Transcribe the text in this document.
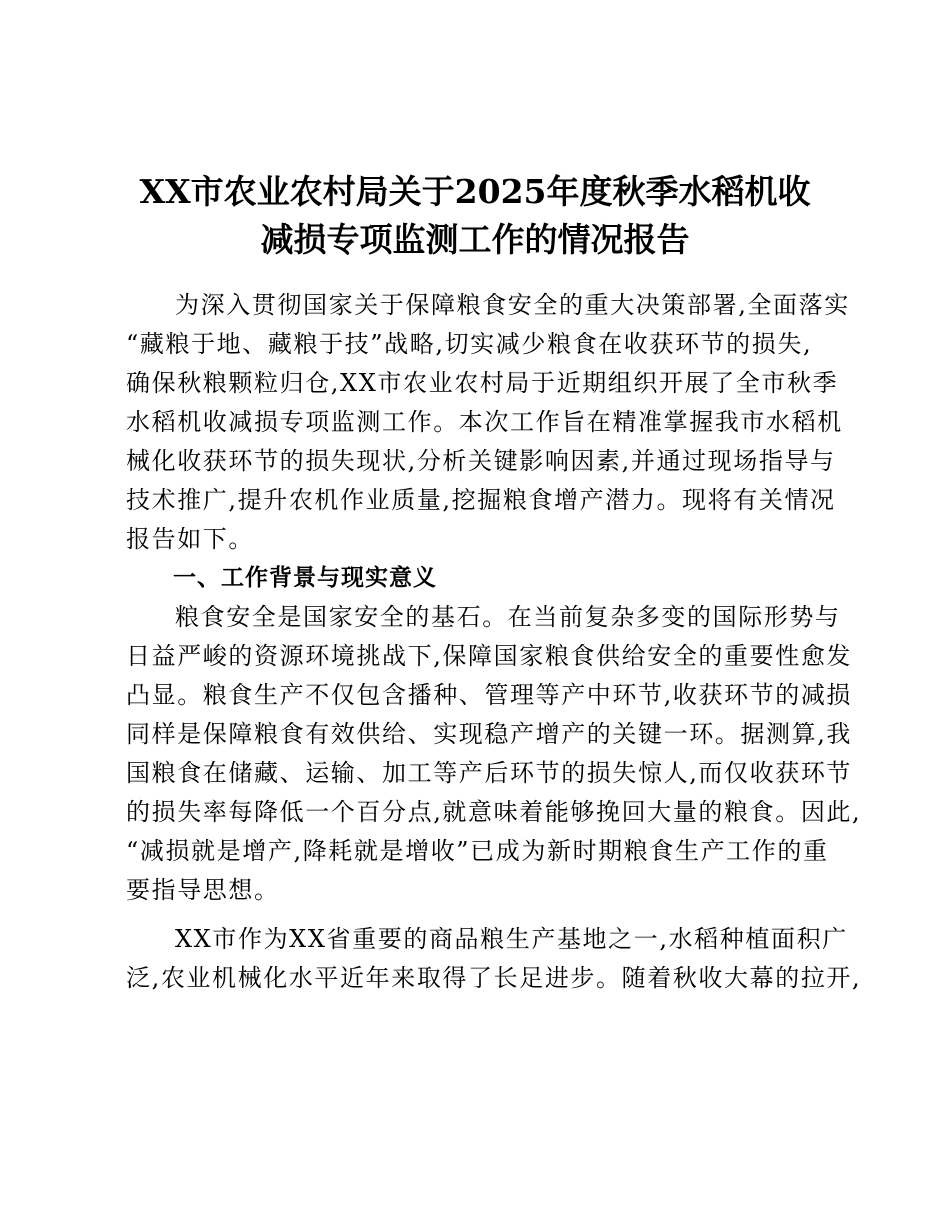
XX市农业农村局关于2025年度秋季水稻机收
减损专项监测工作的情况报告
为深入贯彻国家关于保障粮食安全的重大决策部署,全面落实
“藏粮于地、藏粮于技”战略,切实减少粮食在收获环节的损失,
确保秋粮颗粒归仓,XX市农业农村局于近期组织开展了全市秋季
水稻机收减损专项监测工作。本次工作旨在精准掌握我市水稻机
械化收获环节的损失现状,分析关键影响因素,并通过现场指导与
技术推广,提升农机作业质量,挖掘粮食增产潜力。现将有关情况
报告如下。
一、工作背景与现实意义
粮食安全是国家安全的基石。在当前复杂多变的国际形势与
日益严峻的资源环境挑战下,保障国家粮食供给安全的重要性愈发
凸显。粮食生产不仅包含播种、管理等产中环节,收获环节的减损
同样是保障粮食有效供给、实现稳产增产的关键一环。据测算,我
国粮食在储藏、运输、加工等产后环节的损失惊人,而仅收获环节
的损失率每降低一个百分点,就意味着能够挽回大量的粮食。因此,
“减损就是增产,降耗就是增收”已成为新时期粮食生产工作的重
要指导思想。
XX市作为XX省重要的商品粮生产基地之一,水稻种植面积广
泛,农业机械化水平近年来取得了长足进步。随着秋收大幕的拉开,
